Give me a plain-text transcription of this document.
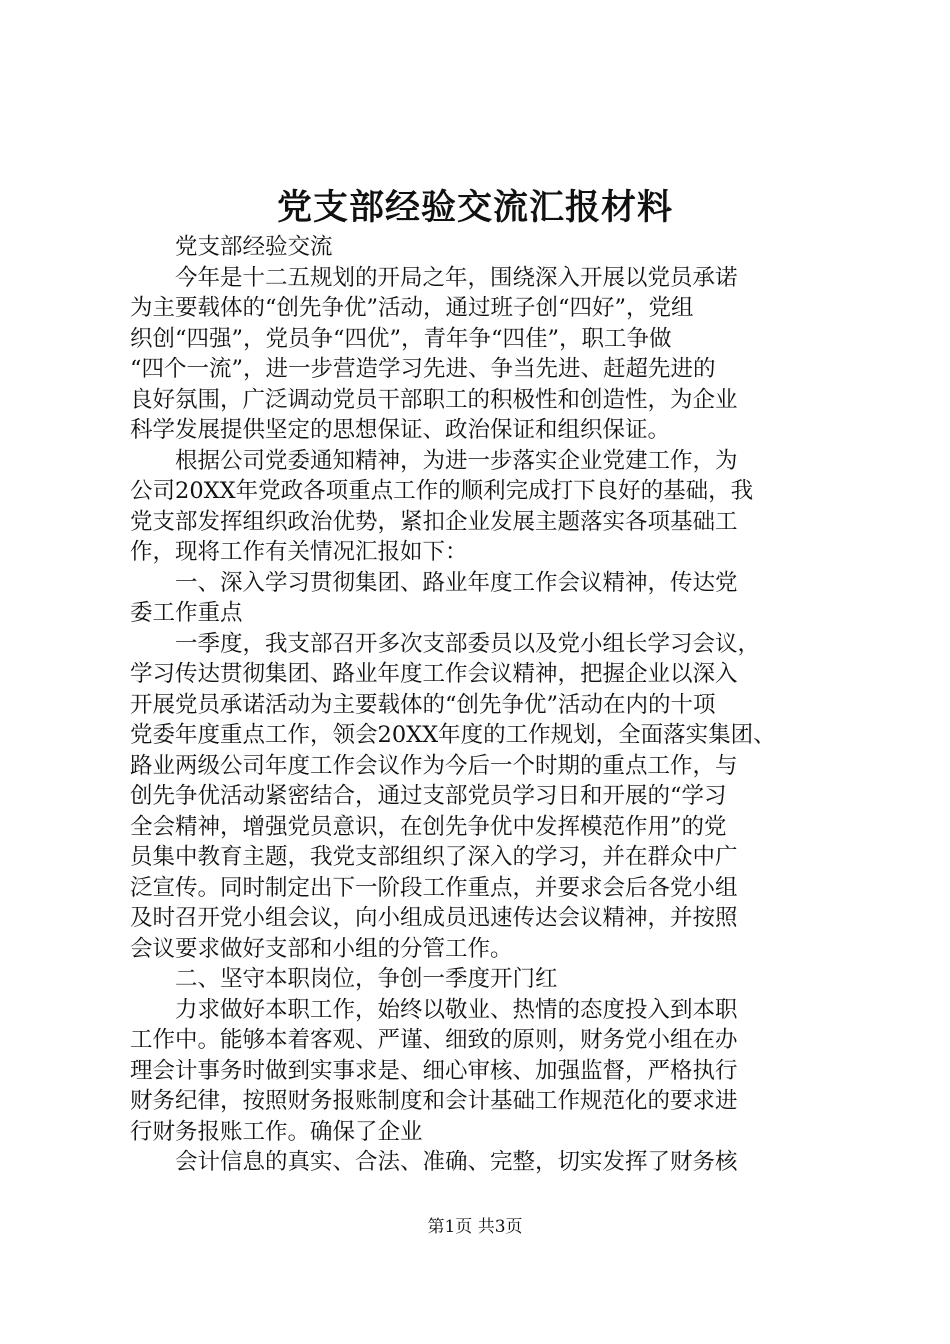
党支部经验交流汇报材料
　　党支部经验交流
　　今年是十二五规划的开局之年，围绕深入开展以党员承诺
为主要载体的“创先争优”活动，通过班子创“四好”，党组
织创“四强”，党员争“四优”，青年争“四佳”，职工争做
“四个一流”，进一步营造学习先进、争当先进、赶超先进的
良好氛围，广泛调动党员干部职工的积极性和创造性，为企业
科学发展提供坚定的思想保证、政治保证和组织保证。
　　根据公司党委通知精神，为进一步落实企业党建工作，为
公司20XX年党政各项重点工作的顺利完成打下良好的基础，我
党支部发挥组织政治优势，紧扣企业发展主题落实各项基础工
作，现将工作有关情况汇报如下：
　　一、深入学习贯彻集团、路业年度工作会议精神，传达党
委工作重点
　　一季度，我支部召开多次支部委员以及党小组长学习会议，
学习传达贯彻集团、路业年度工作会议精神，把握企业以深入
开展党员承诺活动为主要载体的“创先争优”活动在内的十项
党委年度重点工作，领会20XX年度的工作规划，全面落实集团、
路业两级公司年度工作会议作为今后一个时期的重点工作，与
创先争优活动紧密结合，通过支部党员学习日和开展的“学习
全会精神，增强党员意识，在创先争优中发挥模范作用”的党
员集中教育主题，我党支部组织了深入的学习，并在群众中广
泛宣传。同时制定出下一阶段工作重点，并要求会后各党小组
及时召开党小组会议，向小组成员迅速传达会议精神，并按照
会议要求做好支部和小组的分管工作。
　　二、坚守本职岗位，争创一季度开门红
　　力求做好本职工作，始终以敬业、热情的态度投入到本职
工作中。能够本着客观、严谨、细致的原则，财务党小组在办
理会计事务时做到实事求是、细心审核、加强监督，严格执行
财务纪律，按照财务报账制度和会计基础工作规范化的要求进
行财务报账工作。确保了企业
　　会计信息的真实、合法、准确、完整，切实发挥了财务核
第1页 共3页
